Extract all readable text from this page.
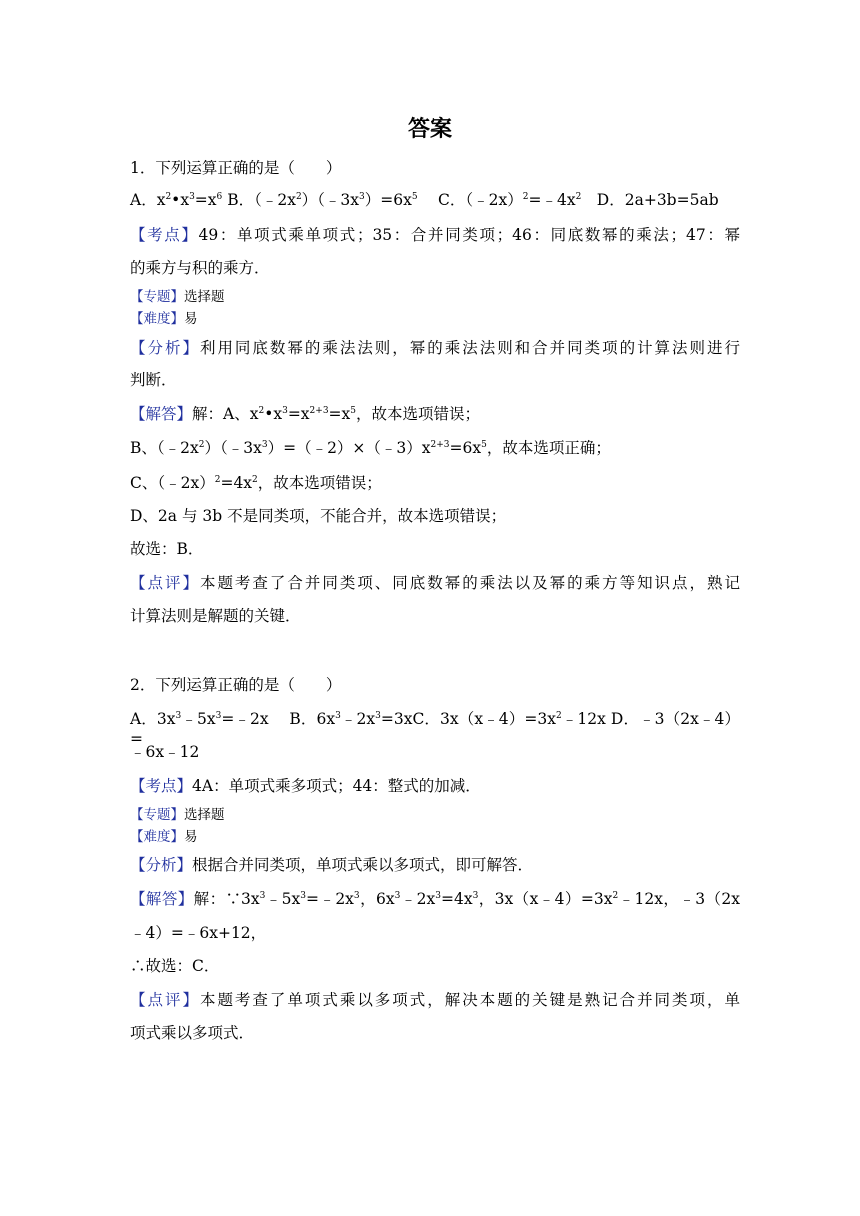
答案
1．下列运算正确的是（　　）
A．$x^2•x^3=x^6$ B．$(﹣2x^2)(﹣3x^3)=6x^5$　 C．$(﹣2x)^2=﹣4x^2$　D．2a+3b=5ab
【考点】49：单项式乘单项式；35：合并同类项；46：同底数幂的乘法；47：幂
的乘方与积的乘方．
【专题】选择题
【难度】易
【分析】利用同底数幂的乘法法则，幂的乘法法则和合并同类项的计算法则进行
判断．
【解答】解：A、$x^2•x^3=x^{2+3}=x^5$，故本选项错误；
B、$(﹣2x^2)(﹣3x^3)=(﹣2)\times(﹣3)x^{2+3}=6x^5$，故本选项正确；
C、$(﹣2x)^2=4x^2$，故本选项错误；
D、2a 与 3b 不是同类项，不能合并，故本选项错误；
故选：B．
【点评】本题考查了合并同类项、同底数幂的乘法以及幂的乘方等知识点，熟记
计算法则是解题的关键．
2．下列运算正确的是（　　）
A．$3x^3﹣5x^3=﹣2x$　 B．$6x^3﹣2x^3=3xC$．$3x(x﹣4)=3x^2﹣12x$ D．﹣3（2x﹣4）=
﹣6x﹣12
【考点】4A：单项式乘多项式；44：整式的加减．
【专题】选择题
【难度】易
【分析】根据合并同类项，单项式乘以多项式，即可解答．
【解答】解：$\because 3x^3﹣5x^3=﹣2x^3$，$6x^3﹣2x^3=4x^3$，$3x(x﹣4)=3x^2﹣12x$，﹣3（2x
﹣4）=﹣6x+12，
∴故选：C．
【点评】本题考查了单项式乘以多项式，解决本题的关键是熟记合并同类项，单
项式乘以多项式．
